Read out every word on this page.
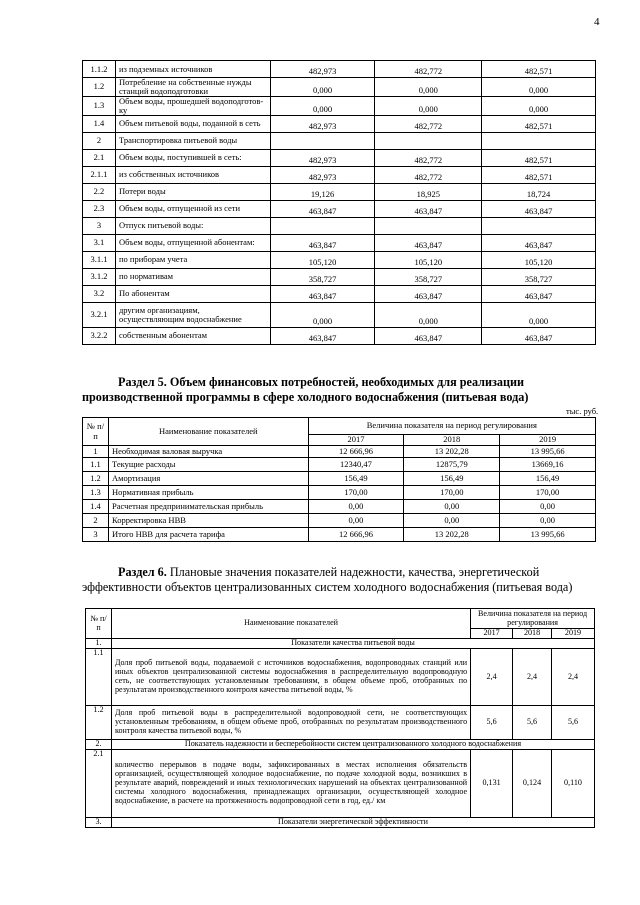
4
1.1.2	из подземных источников	482,973	482,772	482,571
1.2	Потребление на собственные нужды станций водоподготовки	0,000	0,000	0,000
1.3	Объем воды, прошедшей водоподготов-ку	0,000	0,000	0,000
1.4	Объем питьевой воды, поданной в сеть	482,973	482,772	482,571
2	Транспортировка питьевой воды			
2.1	Объем воды, поступившей в сеть:	482,973	482,772	482,571
2.1.1	из собственных источников	482,973	482,772	482,571
2.2	Потери воды	19,126	18,925	18,724
2.3	Объем воды, отпущенной из сети	463,847	463,847	463,847
3	Отпуск питьевой воды:			
3.1	Объем воды, отпущенной абонентам:	463,847	463,847	463,847
3.1.1	по приборам учета	105,120	105,120	105,120
3.1.2	по нормативам	358,727	358,727	358,727
3.2	По абонентам	463,847	463,847	463,847
3.2.1	другим организациям, осуществляющим водоснабжение	0,000	0,000	0,000
3.2.2	собственным абонентам	463,847	463,847	463,847
Раздел 5. Объем финансовых потребностей, необходимых для реализации производственной программы в сфере холодного водоснабжения (питьевая вода)
тыс. руб.
№ п/п	Наименование показателей	Величина показателя на период регулирования		
		2017	2018	2019
1	Необходимая валовая выручка	12 666,96	13 202,28	13 995,66
1.1	Текущие расходы	12340,47	12875,79	13669,16
1.2	Амортизация	156,49	156,49	156,49
1.3	Нормативная прибыль	170,00	170,00	170,00
1.4	Расчетная предпринимательская прибыль	0,00	0,00	0,00
2	Корректировка НВВ	0,00	0,00	0,00
3	Итого НВВ для расчета тарифа	12 666,96	13 202,28	13 995,66
Раздел 6. Плановые значения показателей надежности, качества, энергетической эффективности объектов централизованных систем холодного водоснабжения (питьевая вода)
№ п/п	Наименование показателей	Величина показателя на период регулирования		
		2017	2018	2019
1.	Показатели качества питьевой воды			
1.1	Доля проб питьевой воды, подаваемой с источников водоснабжения, водопроводных станций или иных объектов централизованной системы водоснабжения в распределительную водопроводную сеть, не соответствующих установленным требованиям, в общем объеме проб, отобранных по результатам производственного контроля качества питьевой воды, %	2,4	2,4	2,4
1.2	Доля проб питьевой воды в распределительной водопроводной сети, не соответствующих установленным требованиям, в общем объеме проб, отобранных по результатам производственного контроля качества питьевой воды, %	5,6	5,6	5,6
2.	Показатель надежности и бесперебойности систем централизованного холодного водоснабжения			
2.1	количество перерывов в подаче воды, зафиксированных в местах исполнения обязательств организацией, осуществляющей холодное водоснабжение, по подаче холодной воды, возникших в результате аварий, повреждений и иных технологических нарушений на объектах централизованной системы холодного водоснабжения, принадлежащих организации, осуществляющей холодное водоснабжение, в расчете на протяженность водопроводной сети в год, ед./ км	0,131	0,124	0,110
3.	Показатели энергетической эффективности			
